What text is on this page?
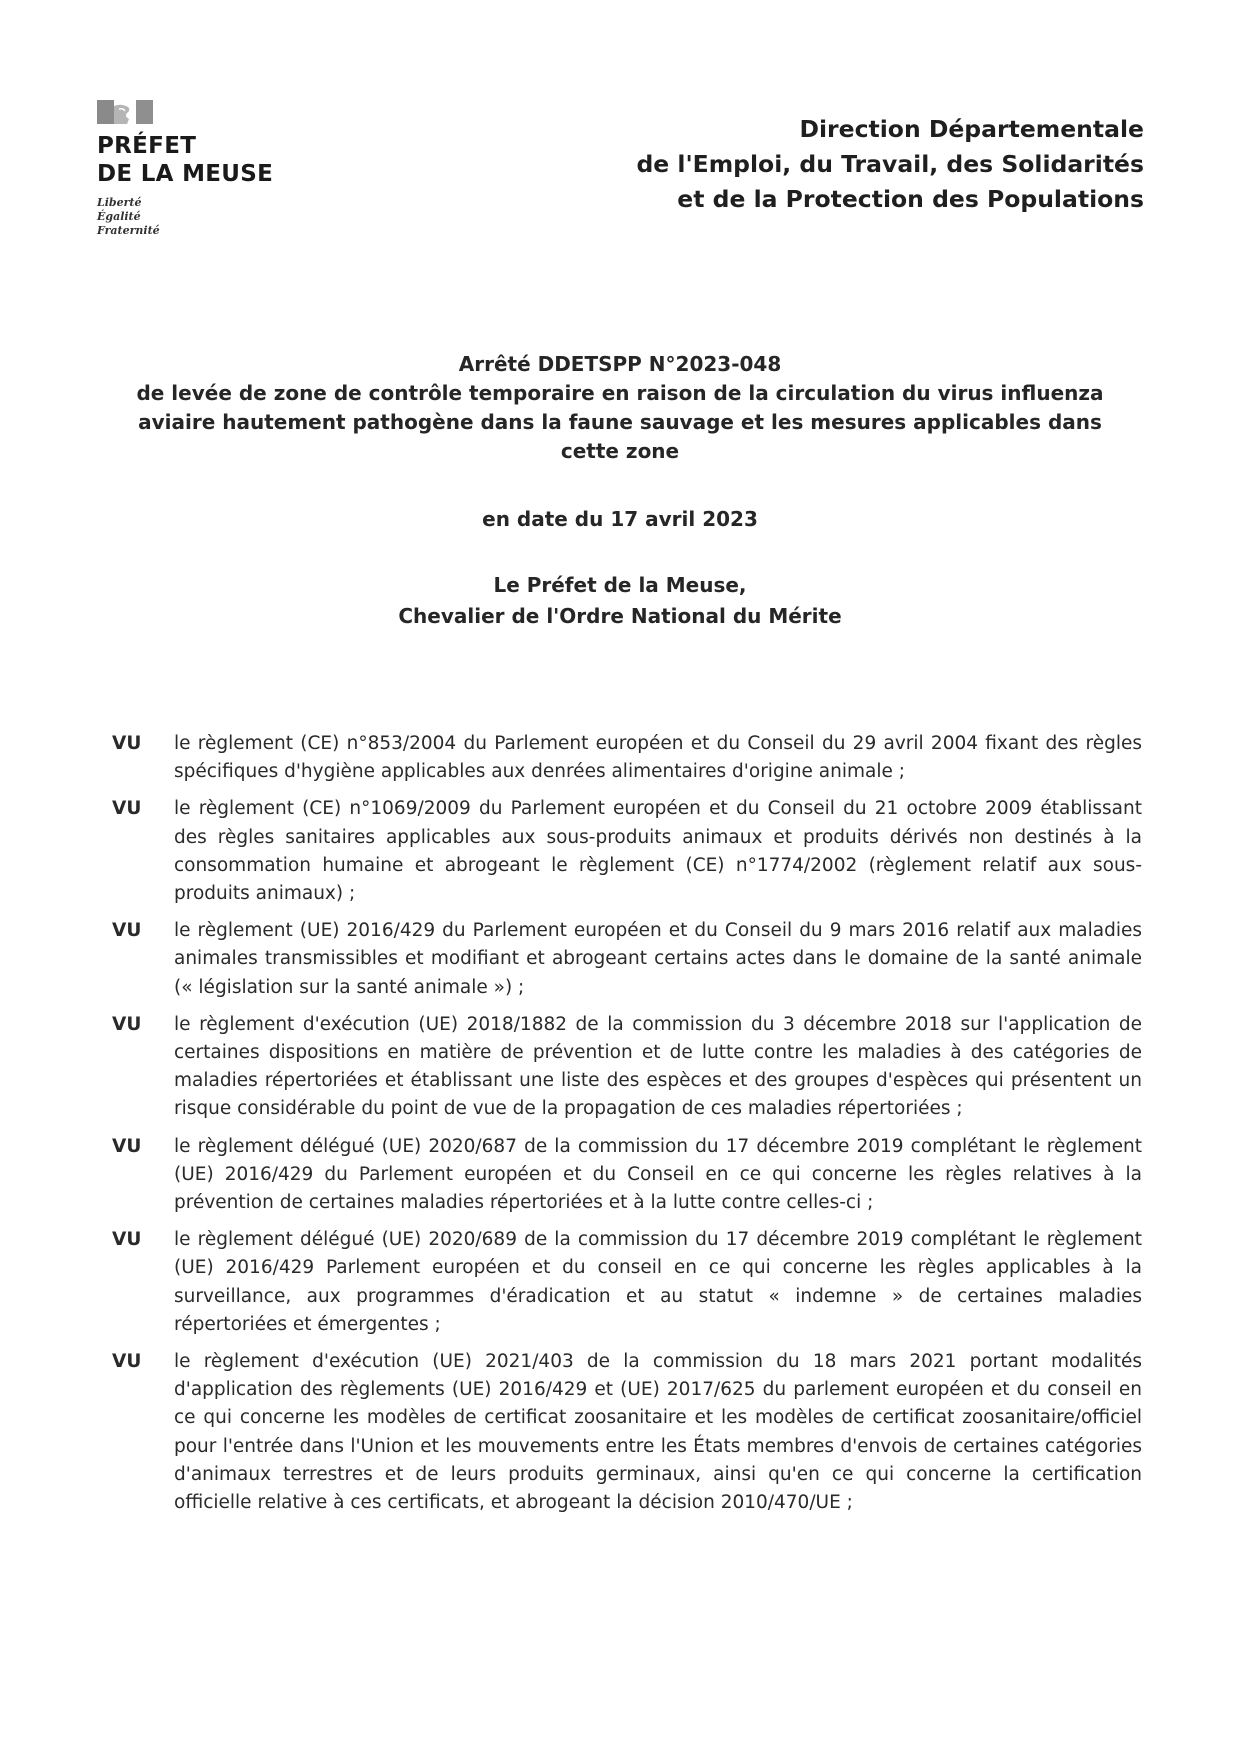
PRÉFET
DE LA MEUSE
Liberté
Égalité
Fraternité
Direction Départementale
de l'Emploi, du Travail, des Solidarités
et de la Protection des Populations
Arrêté DDETSPP N°2023-048
de levée de zone de contrôle temporaire en raison de la circulation du virus influenza
aviaire hautement pathogène dans la faune sauvage et les mesures applicables dans
cette zone
en date du 17 avril 2023
Le Préfet de la Meuse,
Chevalier de l'Ordre National du Mérite
VU	le règlement (CE) n°853/2004 du Parlement européen et du Conseil du 29 avril 2004 fixant des règles spécifiques d'hygiène applicables aux denrées alimentaires d'origine animale ;
VU	le règlement (CE) n°1069/2009 du Parlement européen et du Conseil du 21 octobre 2009 établissant des règles sanitaires applicables aux sous-produits animaux et produits dérivés non destinés à la consommation humaine et abrogeant le règlement (CE) n°1774/2002 (règlement relatif aux sous-produits animaux) ;
VU	le règlement (UE) 2016/429 du Parlement européen et du Conseil du 9 mars 2016 relatif aux maladies animales transmissibles et modifiant et abrogeant certains actes dans le domaine de la santé animale (« législation sur la santé animale ») ;
VU	le règlement d'exécution (UE) 2018/1882 de la commission du 3 décembre 2018 sur l'application de certaines dispositions en matière de prévention et de lutte contre les maladies à des catégories de maladies répertoriées et établissant une liste des espèces et des groupes d'espèces qui présentent un risque considérable du point de vue de la propagation de ces maladies répertoriées ;
VU	le règlement délégué (UE) 2020/687 de la commission du 17 décembre 2019 complétant le règlement (UE) 2016/429 du Parlement européen et du Conseil en ce qui concerne les règles relatives à la prévention de certaines maladies répertoriées et à la lutte contre celles-ci ;
VU	le règlement délégué (UE) 2020/689 de la commission du 17 décembre 2019 complétant le règlement (UE) 2016/429 Parlement européen et du conseil en ce qui concerne les règles applicables à la surveillance, aux programmes d'éradication et au statut « indemne » de certaines maladies répertoriées et émergentes ;
VU	le règlement d'exécution (UE) 2021/403 de la commission du 18 mars 2021 portant modalités d'application des règlements (UE) 2016/429 et (UE) 2017/625 du parlement européen et du conseil en ce qui concerne les modèles de certificat zoosanitaire et les modèles de certificat zoosanitaire/officiel pour l'entrée dans l'Union et les mouvements entre les États membres d'envois de certaines catégories d'animaux terrestres et de leurs produits germinaux, ainsi qu'en ce qui concerne la certification officielle relative à ces certificats, et abrogeant la décision 2010/470/UE ;
